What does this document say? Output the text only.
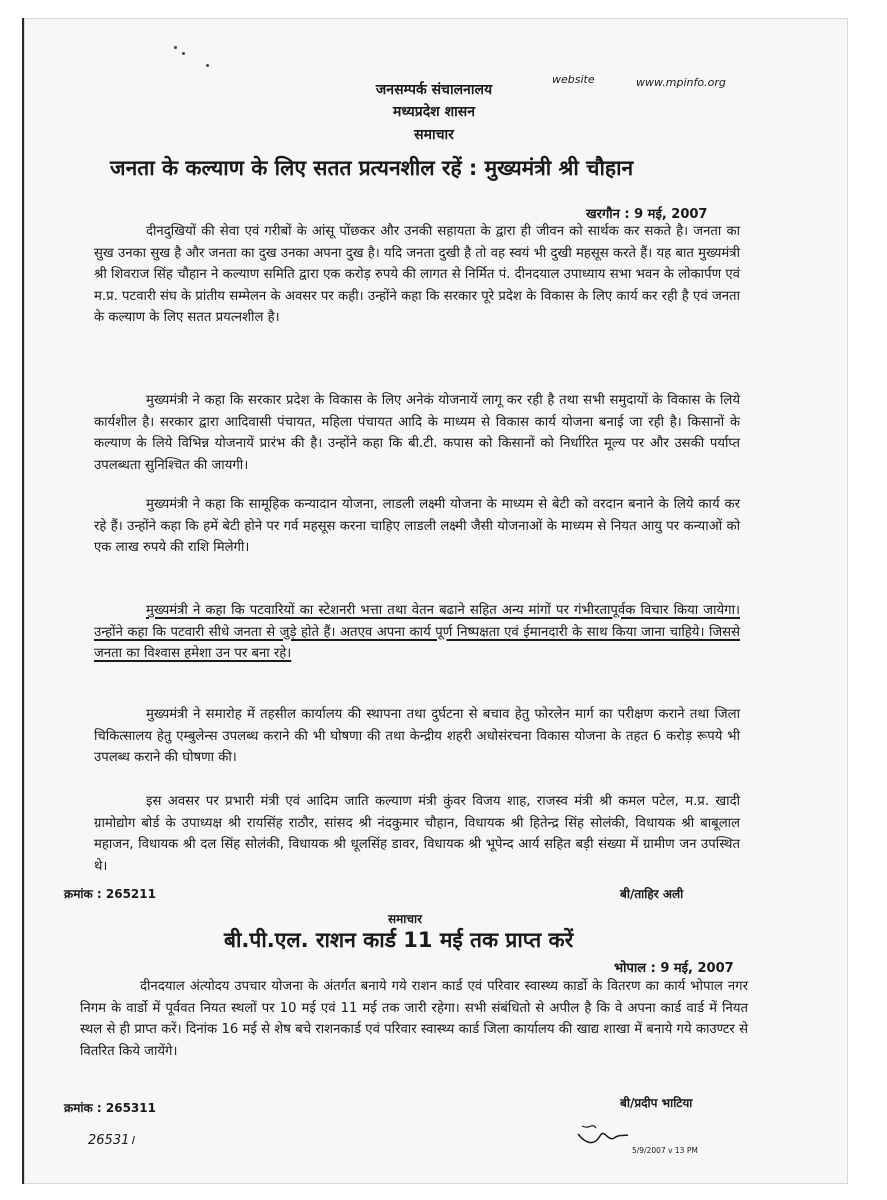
जनसम्पर्क संचालनालय
मध्यप्रदेश शासन
समाचार
website	www.mpinfo.org
जनता के कल्याण के लिए सतत प्रत्यनशील रहें : मुख्यमंत्री श्री चौहान
खरगौन : 9 मई, 2007
दीनदुखियों की सेवा एवं गरीबों के आंसू पोंछकर और उनकी सहायता के द्वारा ही जीवन को सार्थक कर सकते है। जनता का सुख उनका सुख है और जनता का दुख उनका अपना दुख है। यदि जनता दुखी है तो वह स्वयं भी दुखी महसूस करते हैं। यह बात मुख्यमंत्री श्री शिवराज सिंह चौहान ने कल्याण समिति द्वारा एक करोड़ रुपये की लागत से निर्मित पं. दीनदयाल उपाध्याय सभा भवन के लोकार्पण एवं म.प्र. पटवारी संघ के प्रांतीय सम्मेलन के अवसर पर कही। उन्होंने कहा कि सरकार पूरे प्रदेश के विकास के लिए कार्य कर रही है एवं जनता के कल्याण के लिए सतत प्रयत्नशील है।
मुख्यमंत्री ने कहा कि सरकार प्रदेश के विकास के लिए अनेकं योजनायें लागू कर रही है तथा सभी समुदायों के विकास के लिये कार्यशील है। सरकार द्वारा आदिवासी पंचायत, महिला पंचायत आदि के माध्यम से विकास कार्य योजना बनाई जा रही है। किसानों के कल्याण के लिये विभिन्न योजनायें प्रारंभ की है। उन्होंने कहा कि बी.टी. कपास को किसानों को निर्धारित मूल्य पर और उसकी पर्याप्त उपलब्धता सुनिश्चित की जायगी।
मुख्यमंत्री ने कहा कि सामूहिक कन्यादान योजना, लाडली लक्ष्मी योजना के माध्यम से बेटी को वरदान बनाने के लिये कार्य कर रहे हैं। उन्होंने कहा कि हमें बेटी होने पर गर्व महसूस करना चाहिए लाडली लक्ष्मी जैसी योजनाओं के माध्यम से नियत आयु पर कन्याओं को एक लाख रुपये की राशि मिलेगी।
मुख्यमंत्री ने कहा कि पटवारियों का स्टेशनरी भत्ता तथा वेतन बढाने सहित अन्य मांगों पर गंभीरतापूर्वक विचार किया जायेगा। उन्होंने कहा कि पटवारी सीधे जनता से जुड़े होते हैं। अतएव अपना कार्य पूर्ण निष्पक्षता एवं ईमानदारी के साथ किया जाना चाहिये। जिससे जनता का विश्वास हमेशा उन पर बना रहे।
मुख्यमंत्री ने समारोह में तहसील कार्यालय की स्थापना तथा दुर्घटना से बचाव हेतु फोरलेन मार्ग का परीक्षण कराने तथा जिला चिकित्सालय हेतु एम्बुलेन्स उपलब्ध कराने की भी घोषणा की तथा केन्द्रीय शहरी अधोसंरचना विकास योजना के तहत 6 करोड़ रूपये भी उपलब्ध कराने की घोषणा की।
इस अवसर पर प्रभारी मंत्री एवं आदिम जाति कल्याण मंत्री कुंवर विजय शाह, राजस्व मंत्री श्री कमल पटेल, म.प्र. खादी ग्रामोद्योग बोर्ड के उपाध्यक्ष श्री रायसिंह राठौर, सांसद श्री नंदकुमार चौहान, विधायक श्री हितेन्द्र सिंह सोलंकी, विधायक श्री बाबूलाल महाजन, विधायक श्री दल सिंह सोलंकी, विधायक श्री धूलसिंह डावर, विधायक श्री भूपेन्द आर्य सहित बड़ी संख्या में ग्रामीण जन उपस्थित थे।
क्रमांक : 265211	बी/ताहिर अली
समाचार
बी.पी.एल. राशन कार्ड 11 मई तक प्राप्त करें
भोपाल : 9 मई, 2007
दीनदयाल अंत्योदय उपचार योजना के अंतर्गत बनाये गये राशन कार्ड एवं परिवार स्वास्थ्य कार्डो के वितरण का कार्य भोपाल नगर निगम के वार्डो में पूर्ववत नियत स्थलों पर 10 मई एवं 11 मई तक जारी रहेगा। सभी संबंधितो से अपील है कि वे अपना कार्ड वार्ड में नियत स्थल से ही प्राप्त करें। दिनांक 16 मई से शेष बचे राशनकार्ड एवं परिवार स्वास्थ्य कार्ड जिला कार्यालय की खाद्य शाखा में बनाये गये काउण्टर से वितरित किये जायेंगे।
क्रमांक : 265311	बी/प्रदीप भाटिया
26531।
5/9/2007 v 13 PM
